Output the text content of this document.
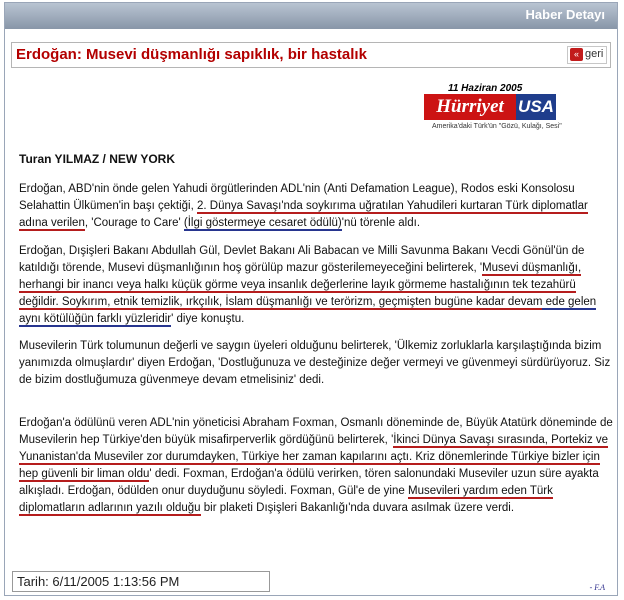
Haber Detayı
Erdoğan: Musevi düşmanlığı sapıklık, bir hastalık	« geri
11 Haziran 2005
Hürriyet USA
Amerika'daki Türk'ün "Gözü, Kulağı, Sesi"

Turan YILMAZ / NEW YORK

Erdoğan, ABD'nin önde gelen Yahudi örgütlerinden ADL'nin (Anti Defamation League), Rodos eski Konsolosu Selahattin Ülkümen'in başı çektiği, 2. Dünya Savaşı'nda soykırıma uğratılan Yahudileri kurtaran Türk diplomatlar adına verilen, 'Courage to Care' (İlgi göstermeye cesaret ödülü)'nü törenle aldı.

Erdoğan, Dışişleri Bakanı Abdullah Gül, Devlet Bakanı Ali Babacan ve Milli Savunma Bakanı Vecdi Gönül'ün de katıldığı törende, Musevi düşmanlığının hoş görülüp mazur gösterilemeyeceğini belirterek, 'Musevi düşmanlığı, herhangi bir inancı veya halkı küçük görme veya insanlık değerlerine layık görmeme hastalığının tek tezahürü değildir. Soykırım, etnik temizlik, ırkçılık, İslam düşmanlığı ve terörizm, geçmişten bugüne kadar devam ede gelen aynı kötülüğün farklı yüzleridir' diye konuştu.

Musevilerin Türk tolumunun değerli ve saygın üyeleri olduğunu belirterek, 'Ülkemiz zorluklarla karşılaştığında bizim yanımızda olmuşlardır' diyen Erdoğan, 'Dostluğunuza ve desteğinize değer vermeyi ve güvenmeyi sürdürüyoruz. Siz de bizim dostluğumuza güvenmeye devam etmelisiniz' dedi.

Erdoğan'a ödülünü veren ADL'nin yöneticisi Abraham Foxman, Osmanlı döneminde de, Büyük Atatürk döneminde de Musevilerin hep Türkiye'den büyük misafirperverlik gördüğünü belirterek, 'İkinci Dünya Savaşı sırasında, Portekiz ve Yunanistan'da Museviler zor durumdayken, Türkiye her zaman kapılarını açtı. Kriz dönemlerinde Türkiye bizler için hep güvenli bir liman oldu' dedi. Foxman, Erdoğan'a ödülü verirken, tören salonundaki Museviler uzun süre ayakta alkışladı. Erdoğan, ödülden onur duyduğunu söyledi. Foxman, Gül'e de yine Musevileri yardım eden Türk diplomatların adlarının yazılı olduğu bir plaketi Dışişleri Bakanlığı'nda duvara asılmak üzere verdi.

Tarih: 6/11/2005 1:13:56 PM	- F.A
